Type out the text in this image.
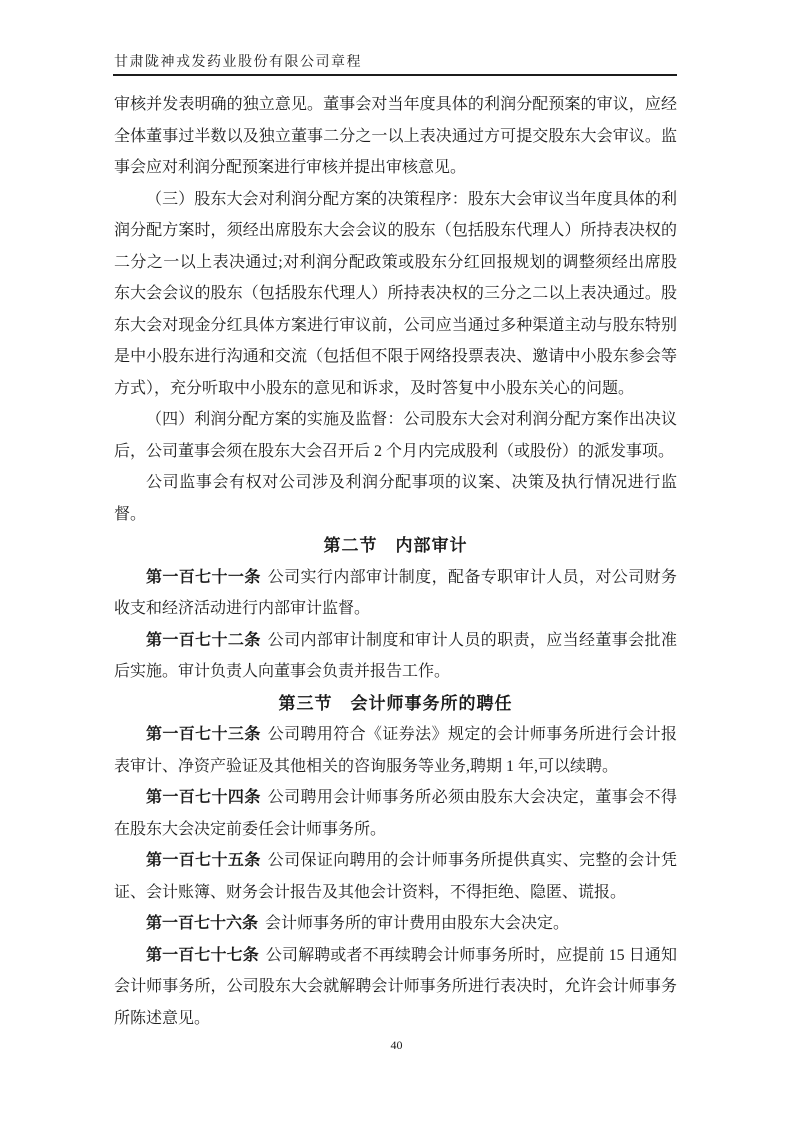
甘肃陇神戎发药业股份有限公司章程

审核并发表明确的独立意见。董事会对当年度具体的利润分配预案的审议，应经全体董事过半数以及独立董事二分之一以上表决通过方可提交股东大会审议。监事会应对利润分配预案进行审核并提出审核意见。

（三）股东大会对利润分配方案的决策程序：股东大会审议当年度具体的利润分配方案时，须经出席股东大会会议的股东（包括股东代理人）所持表决权的二分之一以上表决通过;对利润分配政策或股东分红回报规划的调整须经出席股东大会会议的股东（包括股东代理人）所持表决权的三分之二以上表决通过。股东大会对现金分红具体方案进行审议前，公司应当通过多种渠道主动与股东特别是中小股东进行沟通和交流（包括但不限于网络投票表决、邀请中小股东参会等方式），充分听取中小股东的意见和诉求，及时答复中小股东关心的问题。

（四）利润分配方案的实施及监督：公司股东大会对利润分配方案作出决议后，公司董事会须在股东大会召开后 2 个月内完成股利（或股份）的派发事项。

公司监事会有权对公司涉及利润分配事项的议案、决策及执行情况进行监督。

第二节　内部审计

第一百七十一条 公司实行内部审计制度，配备专职审计人员，对公司财务收支和经济活动进行内部审计监督。

第一百七十二条 公司内部审计制度和审计人员的职责，应当经董事会批准后实施。审计负责人向董事会负责并报告工作。

第三节　会计师事务所的聘任

第一百七十三条 公司聘用符合《证券法》规定的会计师事务所进行会计报表审计、净资产验证及其他相关的咨询服务等业务,聘期 1 年,可以续聘。

第一百七十四条 公司聘用会计师事务所必须由股东大会决定，董事会不得在股东大会决定前委任会计师事务所。

第一百七十五条 公司保证向聘用的会计师事务所提供真实、完整的会计凭证、会计账簿、财务会计报告及其他会计资料，不得拒绝、隐匿、谎报。

第一百七十六条 会计师事务所的审计费用由股东大会决定。

第一百七十七条 公司解聘或者不再续聘会计师事务所时，应提前 15 日通知会计师事务所，公司股东大会就解聘会计师事务所进行表决时，允许会计师事务所陈述意见。

40
